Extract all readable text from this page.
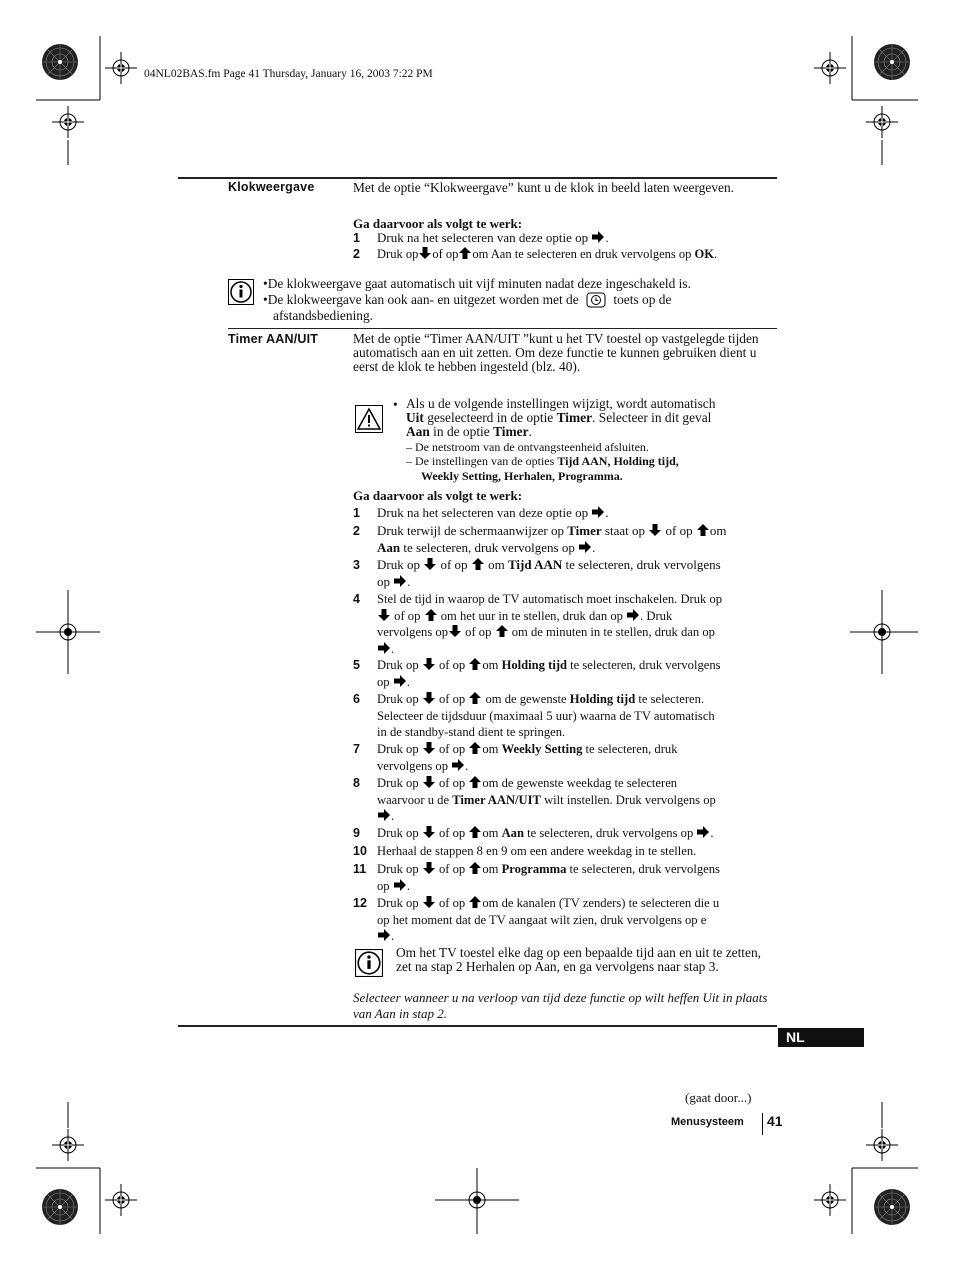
04NL02BAS.fm Page 41 Thursday, January 16, 2003 7:22 PM
Klokweergave	Met de optie “Klokweergave” kunt u de klok in beeld laten weergeven.
Ga daarvoor als volgt te werk:
1 Druk na het selecteren van deze optie op .
2 Druk op of op om Aan te selecteren en druk vervolgens op OK.
•De klokweergave gaat automatisch uit vijf minuten nadat deze ingeschakeld is.
•De klokweergave kan ook aan- en uitgezet worden met de	toets op de
afstandsbediening.
Timer AAN/UIT	Met de optie “Timer AAN/UIT ”kunt u het TV toestel op vastgelegde tijden automatisch aan en uit zetten. Om deze functie te kunnen gebruiken dient u eerst de klok te hebben ingesteld (blz. 40).
• Als u de volgende instellingen wijzigt, wordt automatisch
Uit geselecteerd in de optie Timer. Selecteer in dit geval
Aan in de optie Timer.
– De netstroom van de ontvangsteenheid afsluiten.
– De instellingen van de opties Tijd AAN, Holding tijd,
Weekly Setting, Herhalen, Programma.
Ga daarvoor als volgt te werk:
1 Druk na het selecteren van deze optie op .
2 Druk terwijl de schermaanwijzer op Timer staat op of op om
Aan te selecteren, druk vervolgens op .
3 Druk op of op om Tijd AAN te selecteren, druk vervolgens
op .
4 Stel de tijd in waarop de TV automatisch moet inschakelen. Druk op
of op om het uur in te stellen, druk dan op . Druk
vervolgens op of op om de minuten in te stellen, druk dan op
.
5 Druk op of op om Holding tijd te selecteren, druk vervolgens
op .
6 Druk op of op om de gewenste Holding tijd te selecteren.
Selecteer de tijdsduur (maximaal 5 uur) waarna de TV automatisch
in de standby-stand dient te springen.
7 Druk op of op om Weekly Setting te selecteren, druk
vervolgens op .
8 Druk op of op om de gewenste weekdag te selecteren
waarvoor u de Timer AAN/UIT wilt instellen. Druk vervolgens op
.
9 Druk op of op om Aan te selecteren, druk vervolgens op .
10 Herhaal de stappen 8 en 9 om een andere weekdag in te stellen.
11 Druk op of op om Programma te selecteren, druk vervolgens
op .
12 Druk op of op om de kanalen (TV zenders) te selecteren die u
op het moment dat de TV aangaat wilt zien, druk vervolgens op e
.
Om het TV toestel elke dag op een bepaalde tijd aan en uit te zetten, zet na stap 2 Herhalen op Aan, en ga vervolgens naar stap 3.
Selecteer wanneer u na verloop van tijd deze functie op wilt heffen Uit in plaats van Aan in stap 2.
NL
(gaat door...)
Menusysteem 41
